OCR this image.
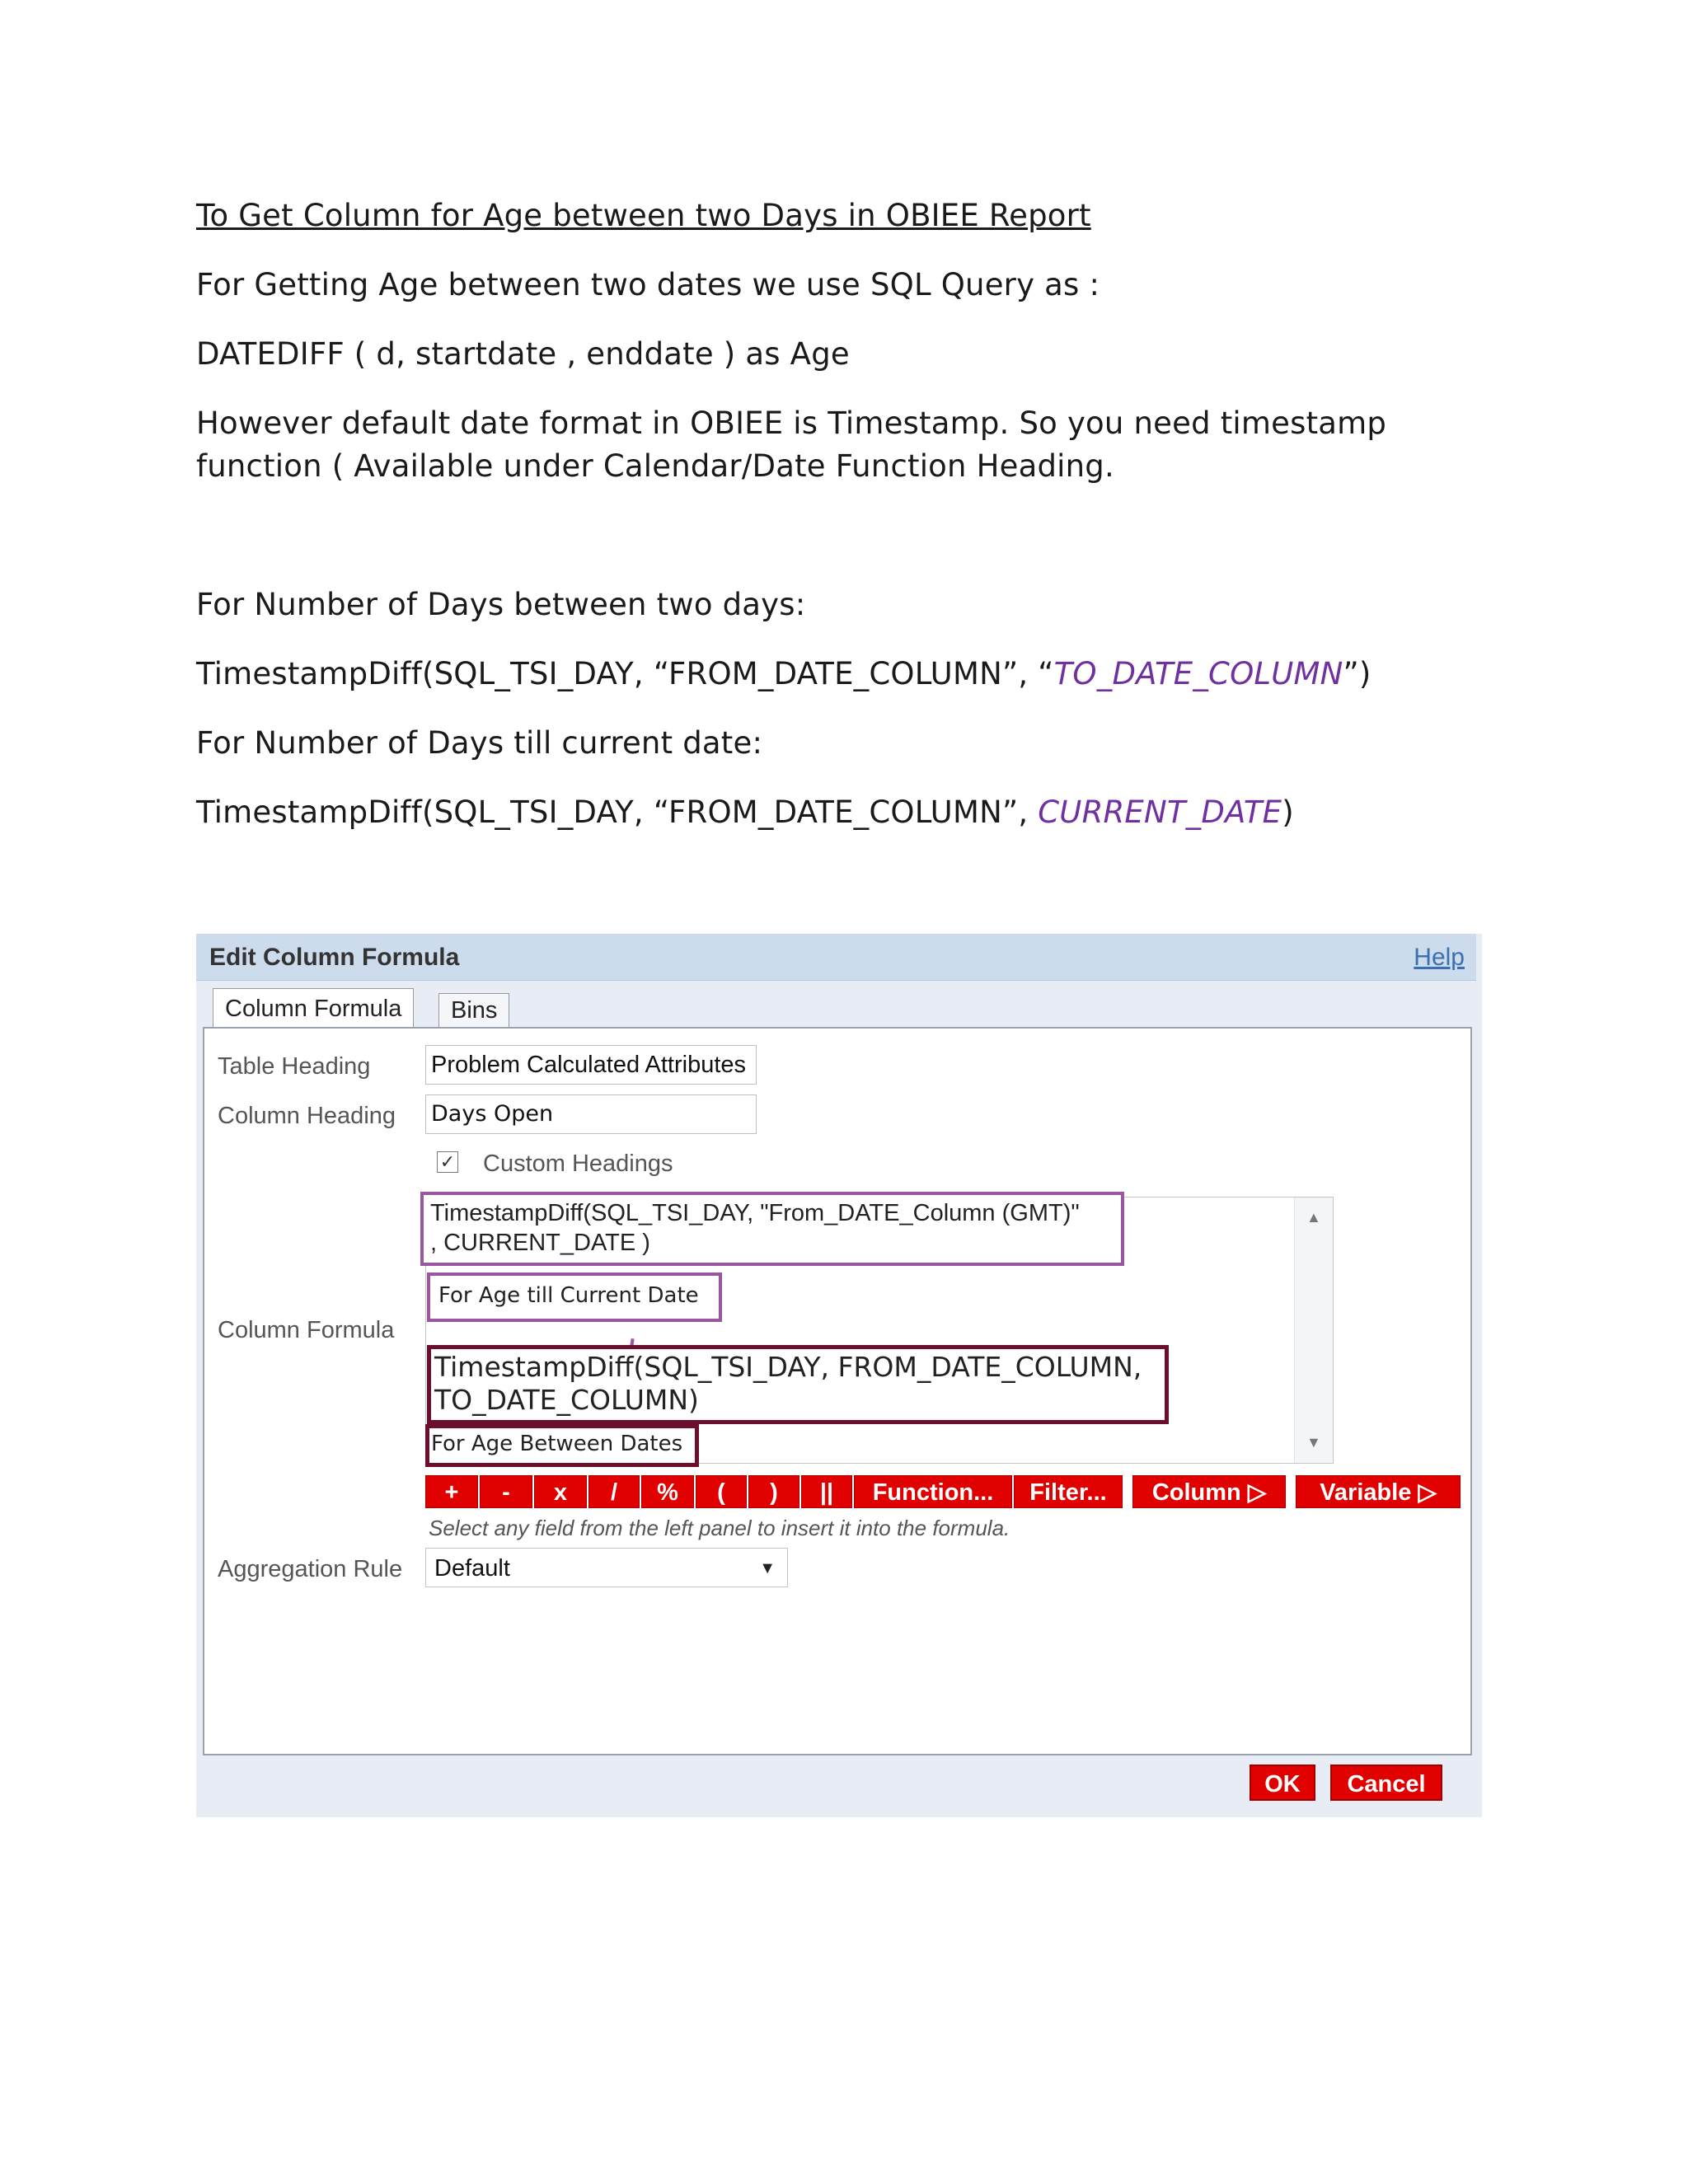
To Get Column for Age between two Days in OBIEE Report

For Getting Age between two dates we use SQL Query as :

DATEDIFF ( d, startdate , enddate ) as Age

However default date format in OBIEE is Timestamp. So you need timestamp
function ( Available under Calendar/Date Function Heading.

For Number of Days between two days:

TimestampDiff(SQL_TSI_DAY, “FROM_DATE_COLUMN”, “TO_DATE_COLUMN”)

For Number of Days till current date:

TimestampDiff(SQL_TSI_DAY, “FROM_DATE_COLUMN”, CURRENT_DATE)

Edit Column Formula	Help
Column Formula	Bins
Table Heading	Problem Calculated Attributes
Column Heading Days Open
✓ Custom Headings
Column Formula
▲
▼
TimestampDiff(SQL_TSI_DAY, "From_DATE_Column (GMT)"
, CURRENT_DATE )
For Age till Current Date
TimestampDiff(SQL_TSI_DAY, FROM_DATE_COLUMN,
TO_DATE_COLUMN)
For Age Between Dates
+	-	x	/	%	(	)	||	Function...	Filter...	Column ▷	Variable ▷
Select any field from the left panel to insert it into the formula.
Aggregation Rule	Default	▼
OK	Cancel
